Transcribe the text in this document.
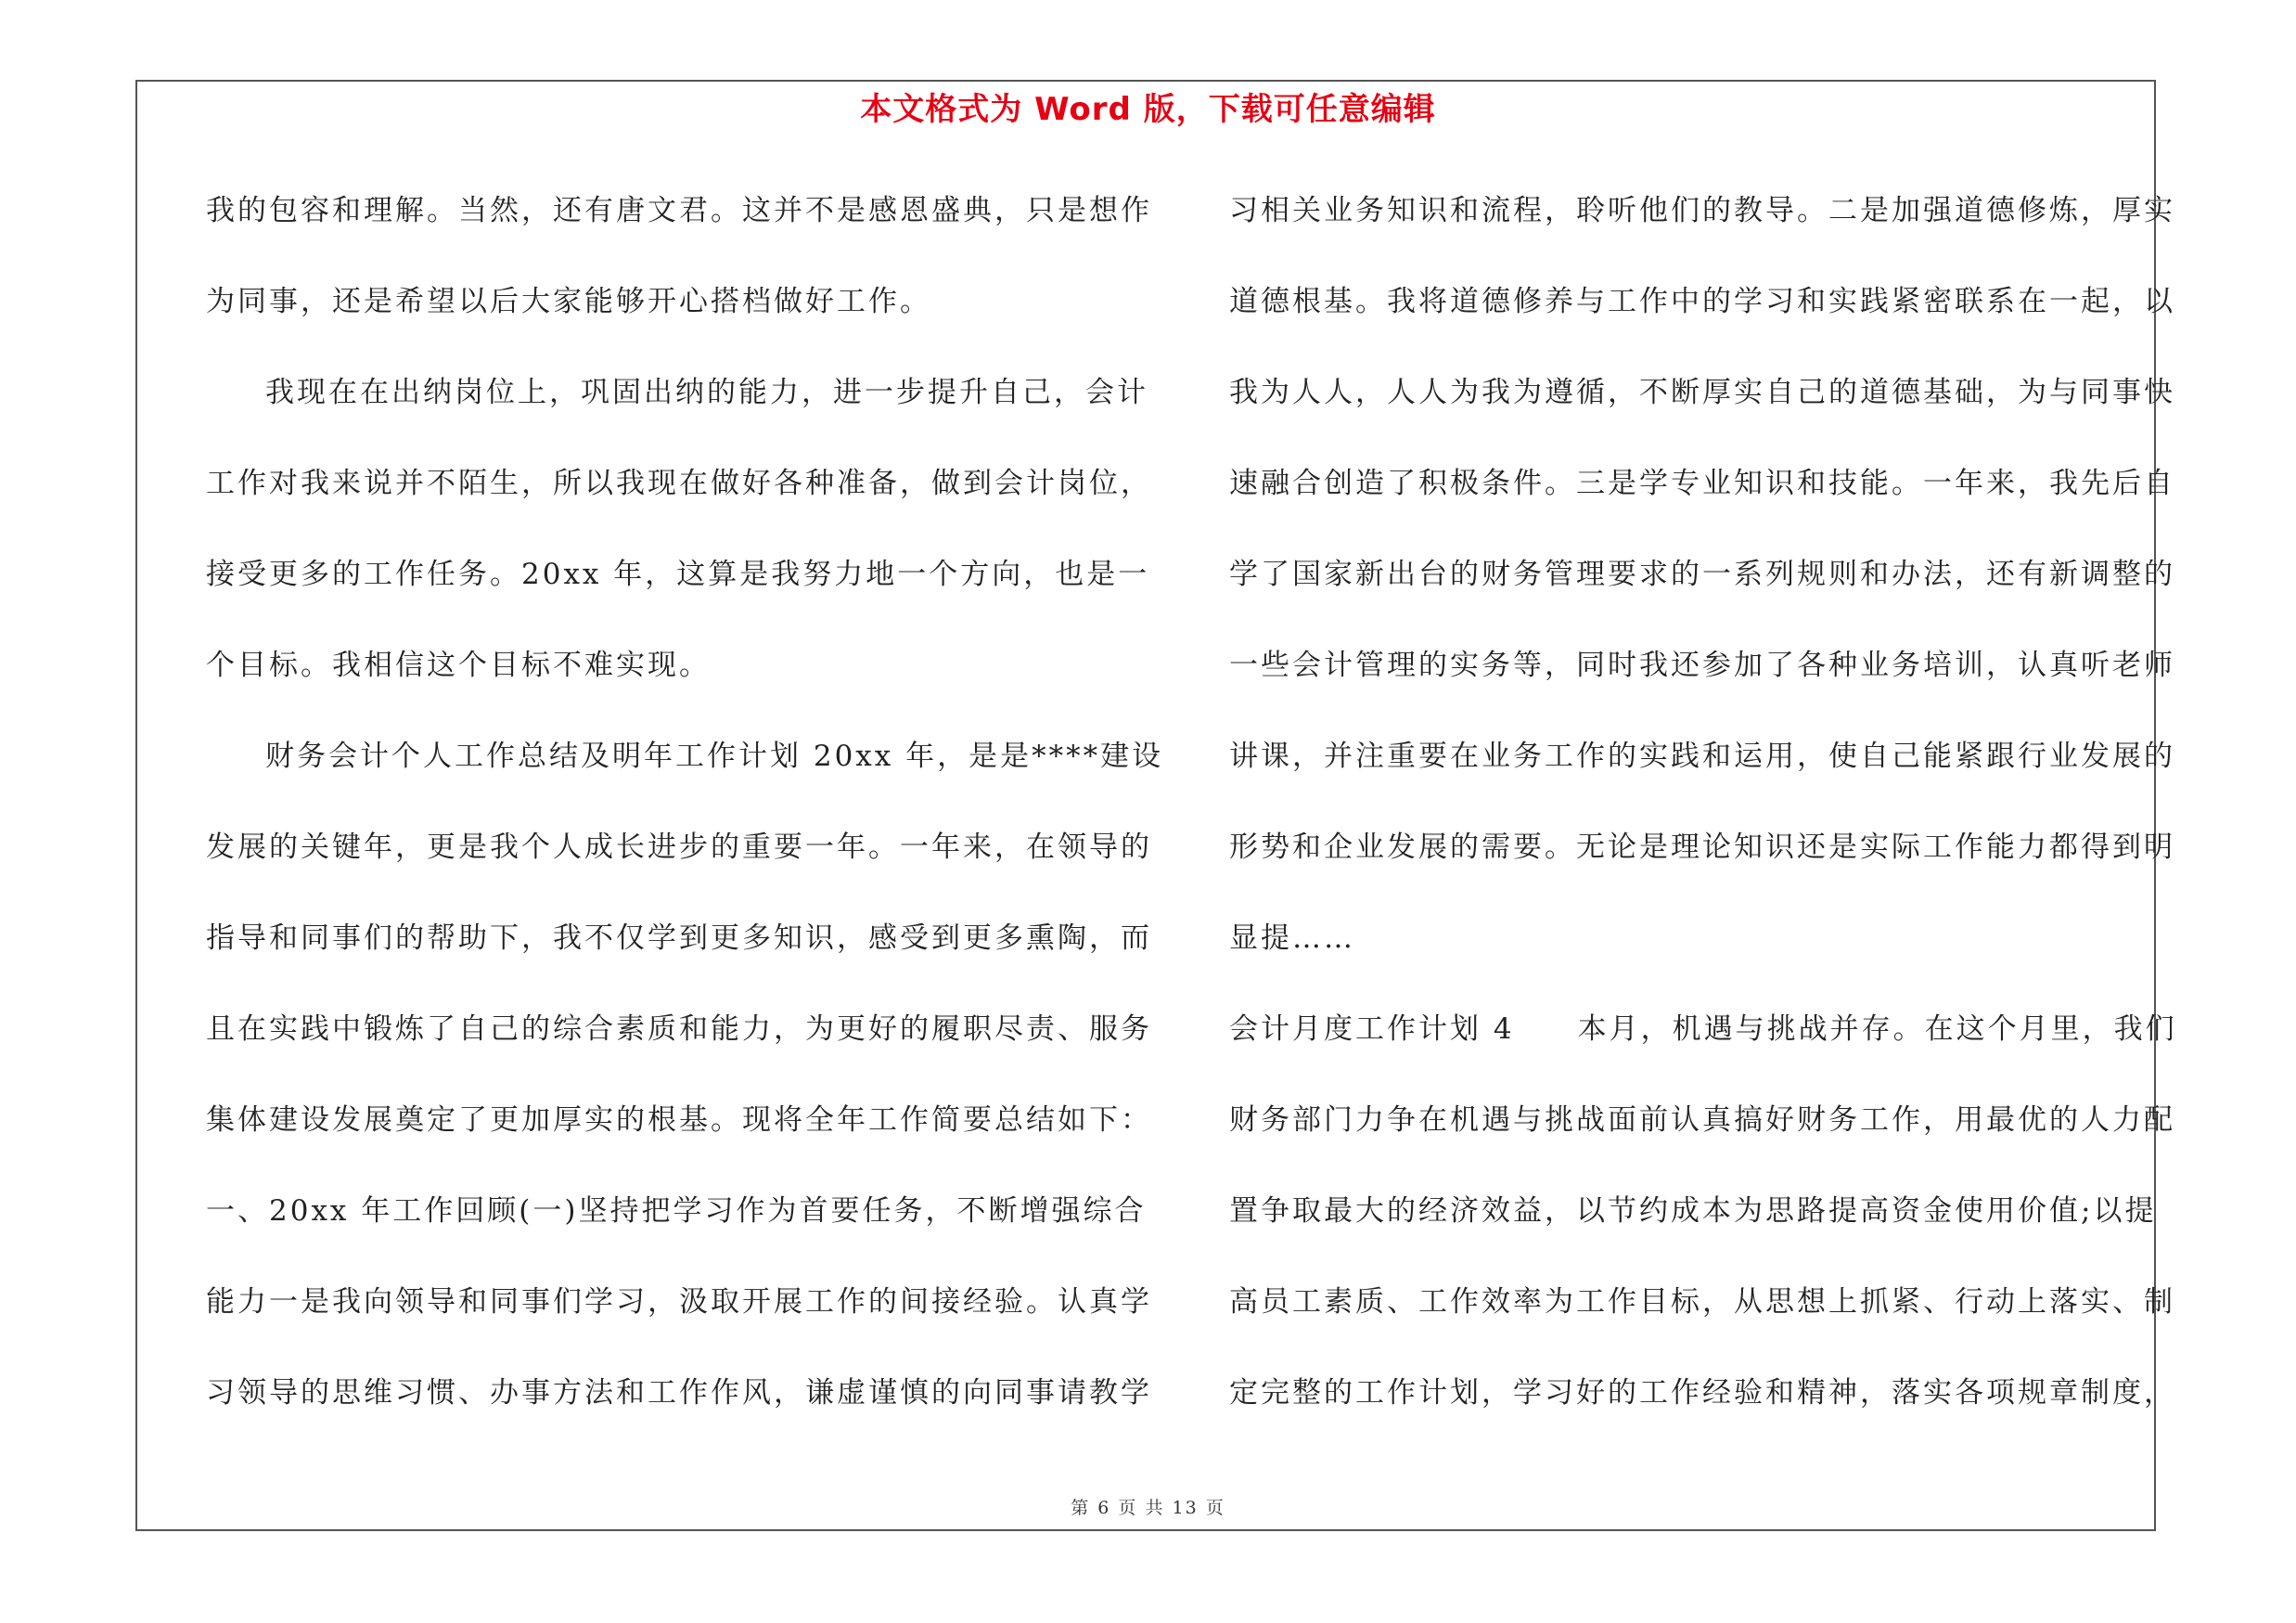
本文格式为 Word 版，下载可任意编辑
我的包容和理解。当然，还有唐文君。这并不是感恩盛典，只是想作
为同事，还是希望以后大家能够开心搭档做好工作。
我现在在出纳岗位上，巩固出纳的能力，进一步提升自己，会计
工作对我来说并不陌生，所以我现在做好各种准备，做到会计岗位，
接受更多的工作任务。20xx 年，这算是我努力地一个方向，也是一
个目标。我相信这个目标不难实现。
财务会计个人工作总结及明年工作计划 20xx 年，是是****建设
发展的关键年，更是我个人成长进步的重要一年。一年来，在领导的
指导和同事们的帮助下，我不仅学到更多知识，感受到更多熏陶，而
且在实践中锻炼了自己的综合素质和能力，为更好的履职尽责、服务
集体建设发展奠定了更加厚实的根基。现将全年工作简要总结如下：
一、20xx 年工作回顾(一)坚持把学习作为首要任务，不断增强综合
能力一是我向领导和同事们学习，汲取开展工作的间接经验。认真学
习领导的思维习惯、办事方法和工作作风，谦虚谨慎的向同事请教学
习相关业务知识和流程，聆听他们的教导。二是加强道德修炼，厚实
道德根基。我将道德修养与工作中的学习和实践紧密联系在一起，以
我为人人，人人为我为遵循，不断厚实自己的道德基础，为与同事快
速融合创造了积极条件。三是学专业知识和技能。一年来，我先后自
学了国家新出台的财务管理要求的一系列规则和办法，还有新调整的
一些会计管理的实务等，同时我还参加了各种业务培训，认真听老师
讲课，并注重要在业务工作的实践和运用，使自己能紧跟行业发展的
形势和企业发展的需要。无论是理论知识还是实际工作能力都得到明
显提……
会计月度工作计划 4　　本月，机遇与挑战并存。在这个月里，我们
财务部门力争在机遇与挑战面前认真搞好财务工作，用最优的人力配
置争取最大的经济效益，以节约成本为思路提高资金使用价值;以提
高员工素质、工作效率为工作目标，从思想上抓紧、行动上落实、制
定完整的工作计划，学习好的工作经验和精神，落实各项规章制度，
第 6 页 共 13 页
